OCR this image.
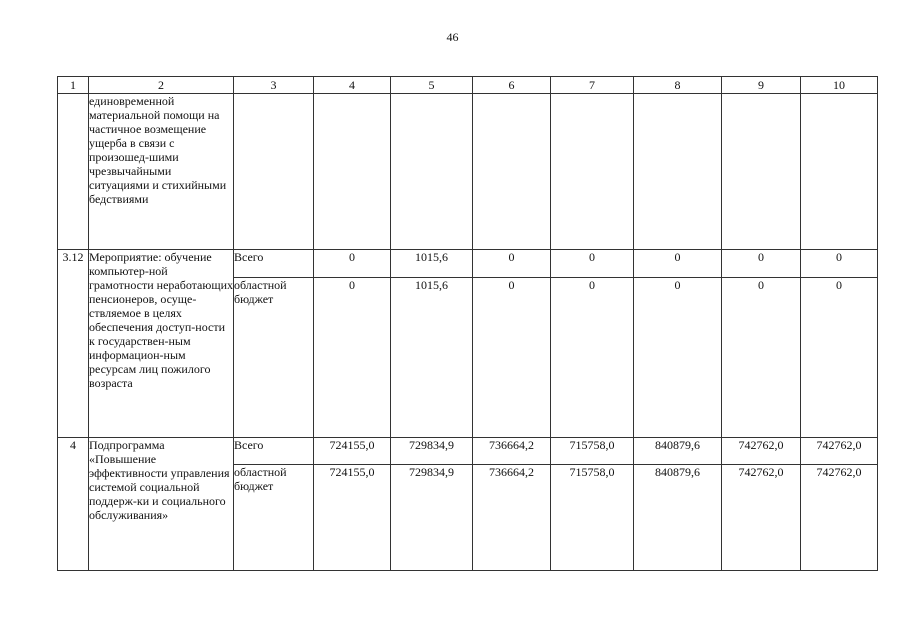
46
1	2	3	4	5	6	7	8	9	10
	единовременной материальной помощи на частичное возмещение ущерба в связи с произошед-шими чрезвычайными ситуациями и стихийными бедствиями								
3.12	Мероприятие: обучение компьютер-ной грамотности неработающих пенсионеров, осуще-ствляемое в целях обеспечения доступ-ности к государствен-ным информацион-ным ресурсам лиц пожилого возраста	Всего	0	1015,6	0	0	0	0	0
		областной бюджет	0	1015,6	0	0	0	0	0
4	Подпрограмма «Повышение эффективности управления системой социальной поддерж-ки и социального обслуживания»	Всего	724155,0	729834,9	736664,2	715758,0	840879,6	742762,0	742762,0
		областной бюджет	724155,0	729834,9	736664,2	715758,0	840879,6	742762,0	742762,0
